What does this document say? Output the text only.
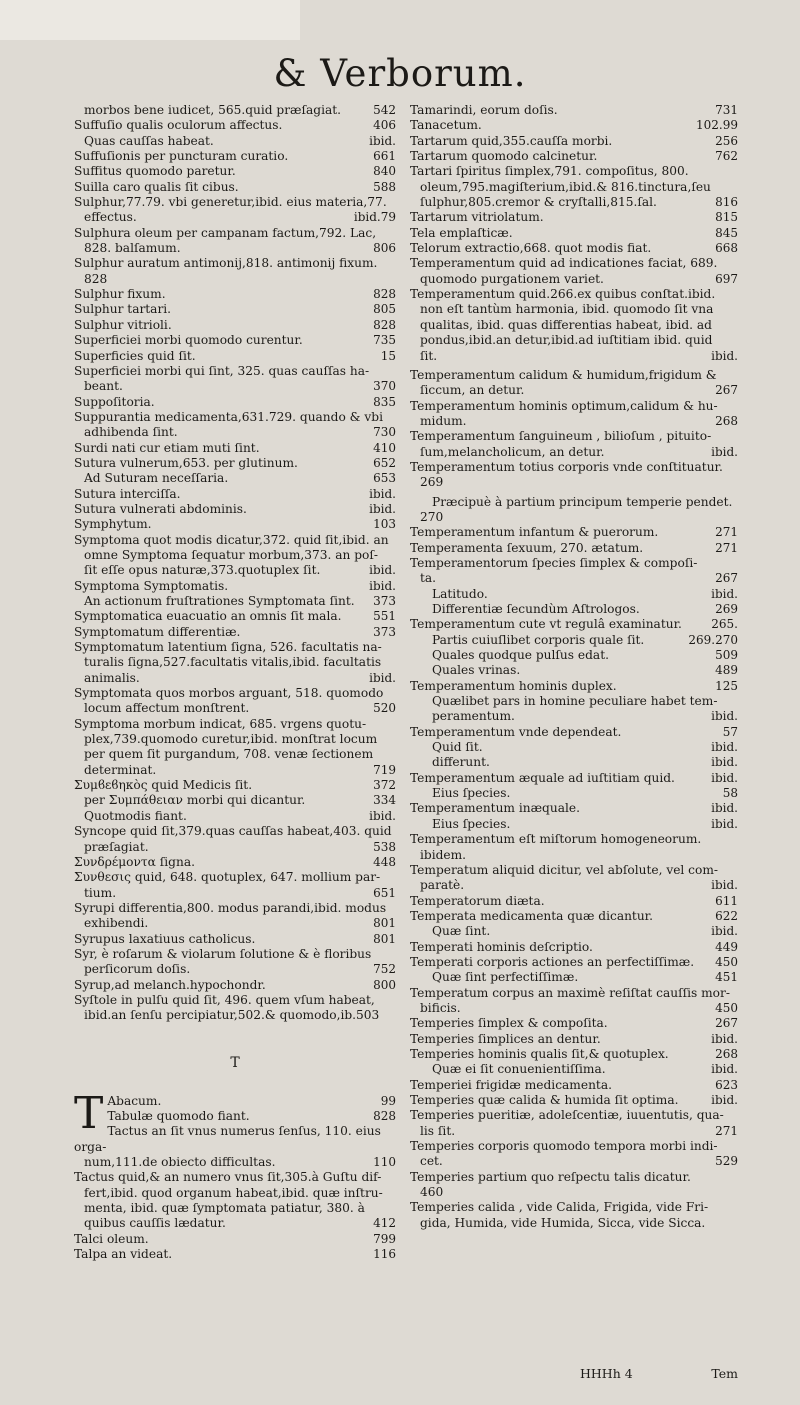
& Verborum.
morbos bene iudicet, 565.quid præſagiat.	542
Suffuſio qualis oculorum affectus.	406
Quas cauſſas habeat.	ibid.
Suffuſionis per puncturam curatio.	661
Suffitus quomodo paretur.	840
Suilla caro qualis ſit cibus.	588
Sulphur,77.79. vbi generetur,ibid. eius materia,77.
effectus.	ibid.79
Sulphura oleum per campanam factum,792. Lac,
828. balſamum.	806
Sulphur auratum antimonij,818. antimonij fixum.
828
Sulphur fixum.	828
Sulphur tartari.	805
Sulphur vitrioli.	828
Superficiei morbi quomodo curentur.	735
Superficies quid ſit.	15
Superficiei morbi qui ſint, 325. quas cauſſas ha-
beant.	370
Suppoſitoria.	835
Suppurantia medicamenta,631.729. quando & vbi
adhibenda ſint.	730
Surdi nati cur etiam muti ſint.	410
Sutura vulnerum,653. per glutinum.	652
Ad Suturam neceſſaria.	653
Sutura interciſſa.	ibid.
Sutura vulnerati abdominis.	ibid.
Symphytum.	103
Symptoma quot modis dicatur,372. quid ſit,ibid. an
omne Symptoma ſequatur morbum,373. an poſ-
ſit eſſe opus naturæ,373.quotuplex ſit.	ibid.
Symptoma Symptomatis.	ibid.
An actionum fruſtrationes Symptomata ſint. 373
Symptomatica euacuatio an omnis ſit mala.	551
Symptomatum differentiæ.	373
Symptomatum latentium ſigna, 526. facultatis na-
turalis ſigna,527.facultatis vitalis,ibid. facultatis
animalis.	ibid.
Symptomata quos morbos arguant, 518. quomodo
locum affectum monſtrent.	520
Symptoma morbum indicat, 685. vrgens quotu-
plex,739.quomodo curetur,ibid. monſtrat locum
per quem ſit purgandum, 708. venæ ſectionem
determinat.	719
Συμϐεϐηκὸς quid Medicis ſit.	372
per Συμπάθειαν morbi qui dicantur.	334
Quotmodis fiant.	ibid.
Syncope quid ſit,379.quas cauſſas habeat,403. quid
præſagiat.	538
Συνδρέμοντα ſigna.	448
Συνθεσις quid, 648. quotuplex, 647. mollium par-
tium.	651
Syrupi differentia,800. modus parandi,ibid. modus
exhibendi.	801
Syrupus laxatiuus catholicus.	801
Syr, è roſarum & violarum ſolutione & è floribus
perſicorum doſis.	752
Syrup,ad melanch.hypochondr.	800
Syſtole in pulſu quid ſit, 496. quem vſum habeat,
ibid.an ſenſu percipiatur,502.& quomodo,ib.503
T
T Abacum.	99
Tabulæ quomodo fiant.	828
Tactus an ſit vnus numerus ſenſus, 110. eius orga-
num,111.de obiecto difficultas.	110
Tactus quid,& an numero vnus ſit,305.à Guſtu dif-
fert,ibid. quod organum habeat,ibid. quæ inſtru-
menta, ibid. quæ ſymptomata patiatur, 380. à
quibus cauſſis lædatur.	412
Talci oleum.	799
Talpa an videat.	116
Tamarindi, eorum doſis.	731
Tanacetum.	102.99
Tartarum quid,355.cauſſa morbi.	256
Tartarum quomodo calcinetur.	762
Tartari ſpiritus ſimplex,791. compoſitus, 800.
oleum,795.magiſterium,ibid.& 816.tinctura,ſeu
ſulphur,805.cremor & cryſtalli,815.ſal.	816
Tartarum vitriolatum.	815
Tela emplaſticæ.	845
Telorum extractio,668. quot modis fiat.	668
Temperamentum quid ad indicationes faciat, 689.
quomodo purgationem variet.	697
Temperamentum quid.266.ex quibus conſtat.ibid.
non eſt tantùm harmonia, ibid. quomodo ſit vna
qualitas, ibid. quas differentias habeat, ibid. ad
pondus,ibid.an detur,ibid.ad iuſtitiam ibid. quid
ſit.	ibid.
Temperamentum calidum & humidum,frigidum &
ſiccum, an detur.	267
Temperamentum hominis optimum,calidum & hu-
midum.	268
Temperamentum ſanguineum , bilioſum , pituito-
ſum,melancholicum, an detur.	ibid.
Temperamentum totius corporis vnde conſtituatur.
269
Præcipuè à partium principum temperie pendet.
270
Temperamentum infantum & puerorum.	271
Temperamenta ſexuum, 270. ætatum.	271
Temperamentorum ſpecies ſimplex & compoſi-
ta.	267
Latitudo.	ibid.
Differentiæ ſecundùm Aſtrologos.	269
Temperamentum cute vt regulâ examinatur. 265.
Partis cuiuſlibet corporis quale ſit.	269.270
Quales quodque pulſus edat.	509
Quales vrinas.	489
Temperamentum hominis duplex.	125
Quælibet pars in homine peculiare habet tem-
peramentum.	ibid.
Temperamentum vnde dependeat.	57
Quid ſit.	ibid.
differunt.	ibid.
Temperamentum æquale ad iuſtitiam quid.	ibid.
Eius ſpecies.	58
Temperamentum inæquale.	ibid.
Eius ſpecies.	ibid.
Temperamentum eſt miſtorum homogeneorum.
ibidem.
Temperatum aliquid dicitur, vel abſolute, vel com-
paratè.	ibid.
Temperatorum diæta.	611
Temperata medicamenta quæ dicantur.	622
Quæ ſint.	ibid.
Temperati hominis deſcriptio.	449
Temperati corporis actiones an perfectiſſimæ. 450
Quæ ſint perfectiſſimæ.	451
Temperatum corpus an maximè reſiſtat cauſſis mor-
bificis.	450
Temperies ſimplex & compoſita.	267
Temperies ſimplices an dentur.	ibid.
Temperies hominis qualis ſit,& quotuplex.	268
Quæ ei ſit conuenientiſſima.	ibid.
Temperiei frigidæ medicamenta.	623
Temperies quæ calida & humida ſit optima.	ibid.
Temperies pueritiæ, adoleſcentiæ, iuuentutis, qua-
lis ſit.	271
Temperies corporis quomodo tempora morbi indi-
cet.	529
Temperies partium quo reſpectu talis dicatur.
460
Temperies calida , vide Calida, Frigida, vide Fri-
gida, Humida, vide Humida, Sicca, vide Sicca.
HHHh 4	Tem
